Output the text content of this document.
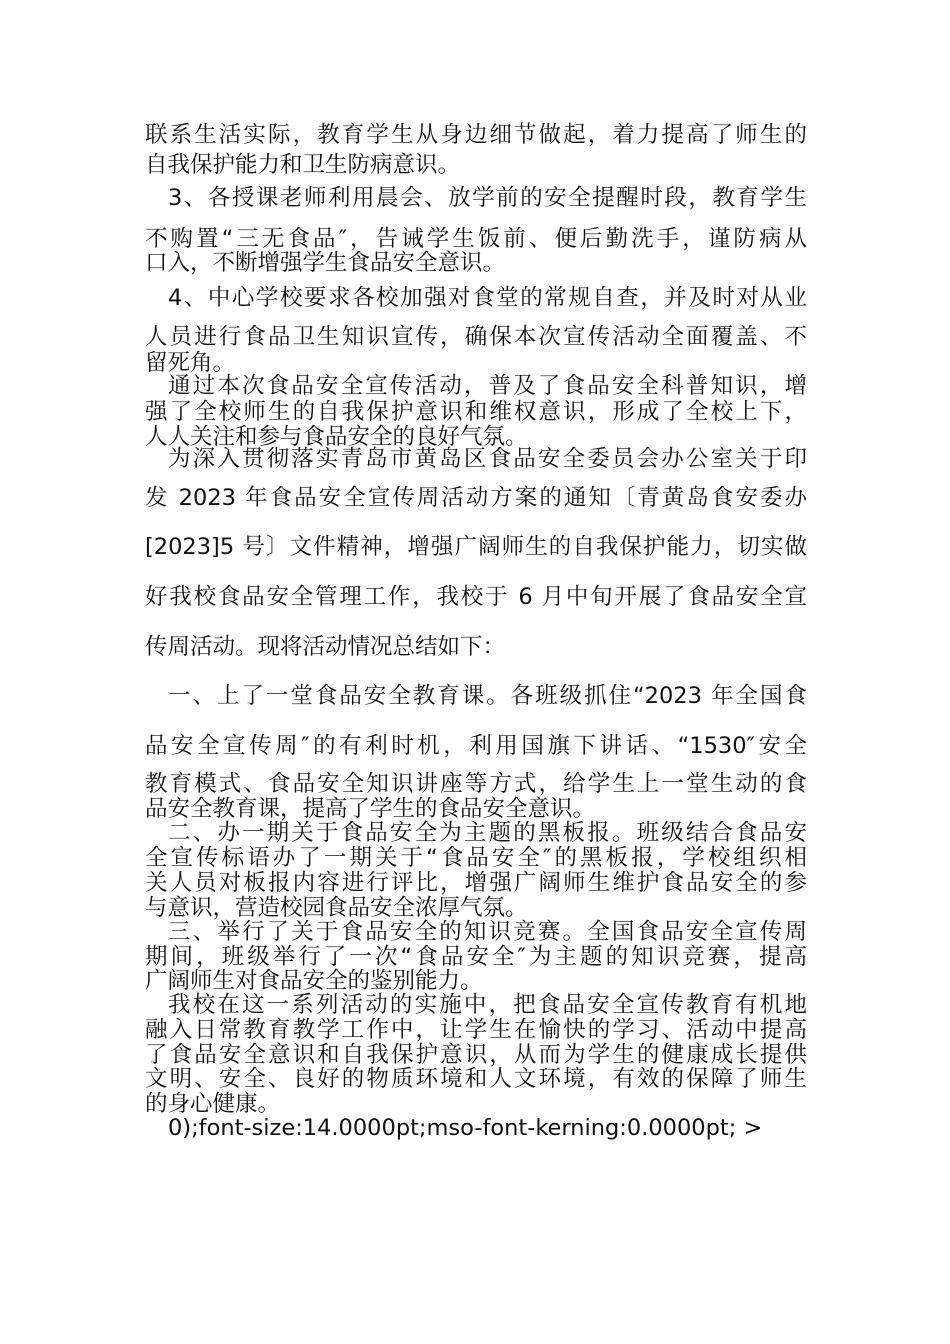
联系生活实际，教育学生从身边细节做起，着力提高了师生的
自我保护能力和卫生防病意识。
3、各授课老师利用晨会、放学前的安全提醒时段，教育学生
不购置“三无食品″，告诫学生饭前、便后勤洗手，谨防病从
口入，不断增强学生食品安全意识。
4、中心学校要求各校加强对食堂的常规自查，并及时对从业
人员进行食品卫生知识宣传，确保本次宣传活动全面覆盖、不
留死角。
通过本次食品安全宣传活动，普及了食品安全科普知识，增
强了全校师生的自我保护意识和维权意识，形成了全校上下，
人人关注和参与食品安全的良好气氛。
为深入贯彻落实青岛市黄岛区食品安全委员会办公室关于印
发 2023 年食品安全宣传周活动方案的通知〔青黄岛食安委办
[2023]5 号〕文件精神，增强广阔师生的自我保护能力，切实做
好我校食品安全管理工作，我校于 6 月中旬开展了食品安全宣
传周活动。现将活动情况总结如下：
一、上了一堂食品安全教育课。各班级抓住“2023 年全国食
品安全宣传周″的有利时机，利用国旗下讲话、“1530″安全
教育模式、食品安全知识讲座等方式，给学生上一堂生动的食
品安全教育课，提高了学生的食品安全意识。
二、办一期关于食品安全为主题的黑板报。班级结合食品安
全宣传标语办了一期关于“食品安全″的黑板报，学校组织相
关人员对板报内容进行评比，增强广阔师生维护食品安全的参
与意识，营造校园食品安全浓厚气氛。
三、举行了关于食品安全的知识竞赛。全国食品安全宣传周
期间，班级举行了一次“食品安全″为主题的知识竞赛，提高
广阔师生对食品安全的鉴别能力。
我校在这一系列活动的实施中，把食品安全宣传教育有机地
融入日常教育教学工作中，让学生在愉快的学习、活动中提高
了食品安全意识和自我保护意识，从而为学生的健康成长提供
文明、安全、良好的物质环境和人文环境，有效的保障了师生
的身心健康。
0);font-size:14.0000pt;mso-font-kerning:0.0000pt; >
